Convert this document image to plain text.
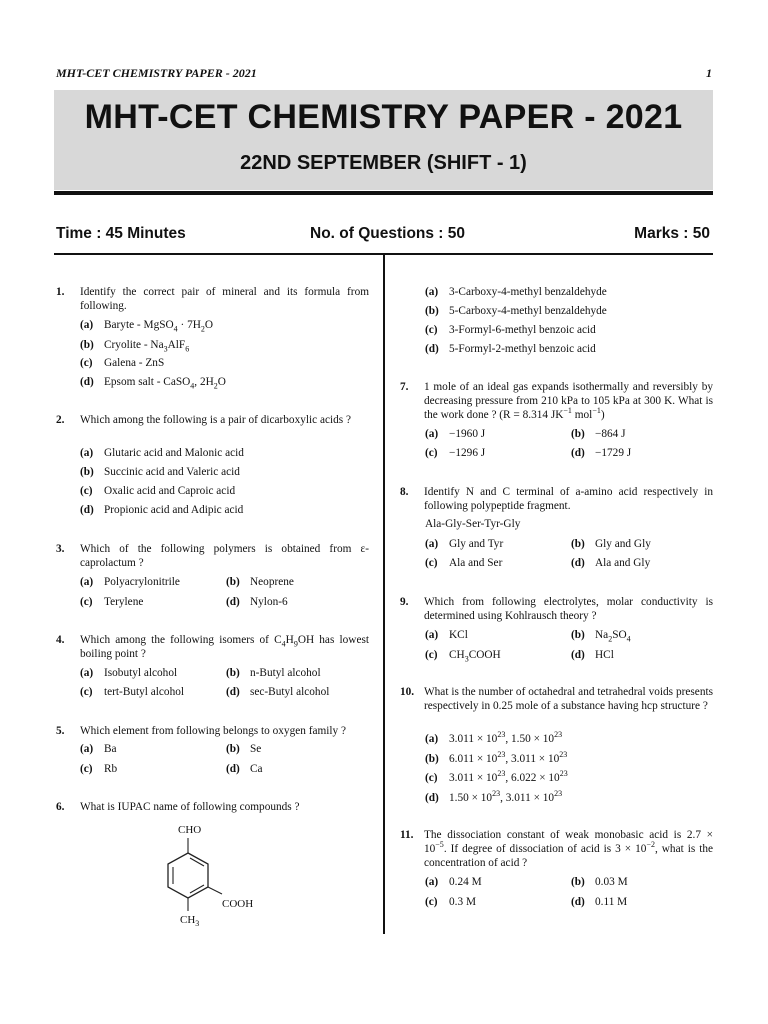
MHT-CET CHEMISTRY PAPER - 2021	1
MHT-CET CHEMISTRY PAPER - 2021
22ND SEPTEMBER (SHIFT - 1)
Time : 45 Minutes	No. of Questions : 50	Marks : 50
1. Identify the correct pair of mineral and its formula from following.
(a) Baryte - MgSO$_4$ · $7H_2O$
(b) Cryolite - $Na_3AlF_6$
(c) Galena - ZnS
(d) Epsom salt - CaSO$_4$, $2H_2O$
2. Which among the following is a pair of dicarboxylic acids ?
(a) Glutaric acid and Malonic acid
(b) Succinic acid and Valeric acid
(c) Oxalic acid and Caproic acid
(d) Propionic acid and Adipic acid
3. Which of the following polymers is obtained from ε-caprolactum ?
(a) Polyacrylonitrile	(b) Neoprene
(c) Terylene	(d) Nylon-6
4. Which among the following isomers of $C_4H_9OH$ has lowest boiling point ?
(a) Isobutyl alcohol	(b) n-Butyl alcohol
(c) tert-Butyl alcohol	(d) sec-Butyl alcohol
5. Which element from following belongs to oxygen family ?
(a) Ba	(b) Se
(c) Rb	(d) Ca
6. What is IUPAC name of following compounds ?
CHO
COOH
$CH_3$
(a) 3-Carboxy-4-methyl benzaldehyde
(b) 5-Carboxy-4-methyl benzaldehyde
(c) 3-Formyl-6-methyl benzoic acid
(d) 5-Formyl-2-methyl benzoic acid
7. 1 mole of an ideal gas expands isothermally and reversibly by decreasing pressure from 210 kPa to 105 kPa at 300 K. What is the work done ? (R = 8.314 $JK^{-1}$ mol$^{-1}$)
(a) −1960 J	(b) −864 J
(c) −1296 J	(d) −1729 J
8. Identify N and C terminal of a-amino acid respectively in following polypeptide fragment.
Ala-Gly-Ser-Tyr-Gly
(a) Gly and Tyr	(b) Gly and Gly
(c) Ala and Ser	(d) Ala and Gly
9. Which from following electrolytes, molar conductivity is determined using Kohlrausch theory ?
(a) KCl	(b) $Na_2SO_4$
(c) $CH_3COOH$	(d) HCl
10. What is the number of octahedral and tetrahedral voids presents respectively in 0.25 mole of a substance having hcp structure ?
(a) $3.011 \times 10^{23}$, $1.50 \times 10^{23}$
(b) $6.011 \times 10^{23}$, $3.011 \times 10^{23}$
(c) $3.011 \times 10^{23}$, $6.022 \times 10^{23}$
(d) $1.50 \times 10^{23}$, $3.011 \times 10^{23}$
11. The dissociation constant of weak monobasic acid is $2.7 \times 10^{-5}$. If degree of dissociation of acid is $3 \times 10^{-2}$, what is the concentration of acid ?
(a) 0.24 M	(b) 0.03 M
(c) 0.3 M	(d) 0.11 M
